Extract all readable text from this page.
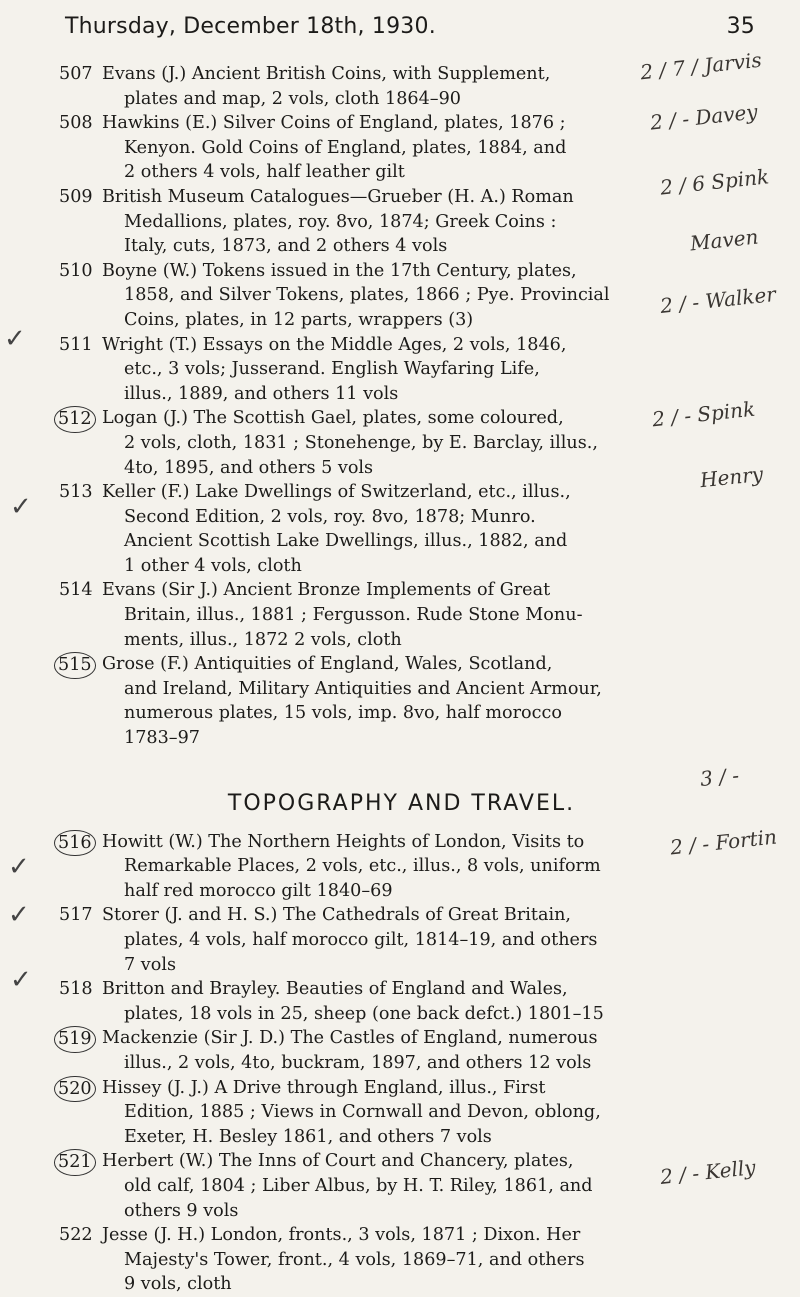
Thursday, December 18th, 1930.	35
507 Evans (J.) Ancient British Coins, with Supplement,
plates and map, 2 vols, cloth 1864–90
508 Hawkins (E.) Silver Coins of England, plates, 1876 ;
Kenyon. Gold Coins of England, plates, 1884, and
2 others 4 vols, half leather gilt
509 British Museum Catalogues—Grueber (H. A.) Roman
Medallions, plates, roy. 8vo, 1874; Greek Coins :
Italy, cuts, 1873, and 2 others 4 vols
510 Boyne (W.) Tokens issued in the 17th Century, plates,
1858, and Silver Tokens, plates, 1866 ; Pye. Provincial
Coins, plates, in 12 parts, wrappers (3)
511 Wright (T.) Essays on the Middle Ages, 2 vols, 1846,
etc., 3 vols; Jusserand. English Wayfaring Life,
illus., 1889, and others 11 vols
512 Logan (J.) The Scottish Gael, plates, some coloured,
2 vols, cloth, 1831 ; Stonehenge, by E. Barclay, illus.,
4to, 1895, and others 5 vols
513 Keller (F.) Lake Dwellings of Switzerland, etc., illus.,
Second Edition, 2 vols, roy. 8vo, 1878; Munro.
Ancient Scottish Lake Dwellings, illus., 1882, and
1 other 4 vols, cloth
514 Evans (Sir J.) Ancient Bronze Implements of Great
Britain, illus., 1881 ; Fergusson. Rude Stone Monu-
ments, illus., 1872 2 vols, cloth
515 Grose (F.) Antiquities of England, Wales, Scotland,
and Ireland, Military Antiquities and Ancient Armour,
numerous plates, 15 vols, imp. 8vo, half morocco
1783–97
TOPOGRAPHY AND TRAVEL.
516 Howitt (W.) The Northern Heights of London, Visits to
Remarkable Places, 2 vols, etc., illus., 8 vols, uniform
half red morocco gilt 1840–69
517 Storer (J. and H. S.) The Cathedrals of Great Britain,
plates, 4 vols, half morocco gilt, 1814–19, and others
7 vols
518 Britton and Brayley. Beauties of England and Wales,
plates, 18 vols in 25, sheep (one back defct.) 1801–15
519 Mackenzie (Sir J. D.) The Castles of England, numerous
illus., 2 vols, 4to, buckram, 1897, and others 12 vols
520 Hissey (J. J.) A Drive through England, illus., First
Edition, 1885 ; Views in Cornwall and Devon, oblong,
Exeter, H. Besley 1861, and others 7 vols
521 Herbert (W.) The Inns of Court and Chancery, plates,
old calf, 1804 ; Liber Albus, by H. T. Riley, 1861, and
others 9 vols
522 Jesse (J. H.) London, fronts., 3 vols, 1871 ; Dixon. Her
Majesty's Tower, front., 4 vols, 1869–71, and others
9 vols, cloth
2 / 7 / Jarvis
2 / - Davey
2 / 6 Spink
Maven
2 / - Walker
2 / - Spink
Henry
3 / -
2 / - Fortin
2 / - Kelly
✓
✓
✓
✓
✓
